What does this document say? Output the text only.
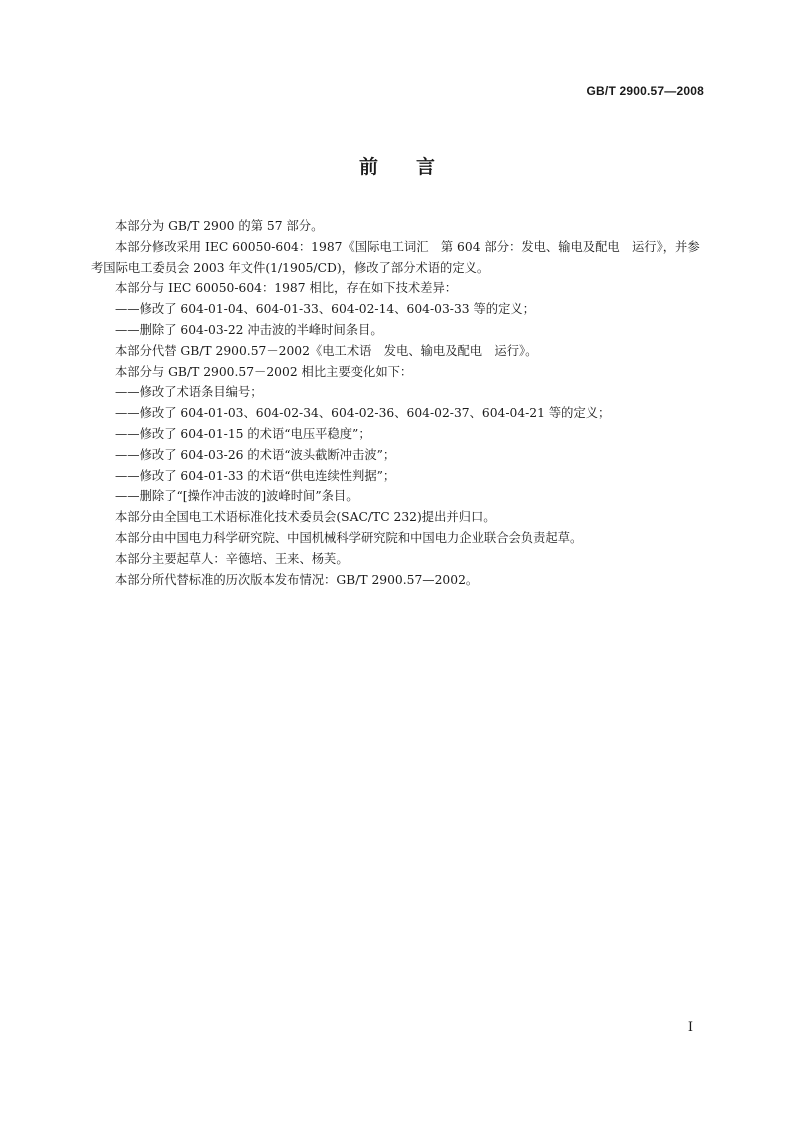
GB/T 2900.57—2008
前言

本部分为 GB/T 2900 的第 57 部分。

本部分修改采用 IEC 60050-604：1987《国际电工词汇　第 604 部分：发电、输电及配电　运行》，并参考国际电工委员会 2003 年文件(1/1905/CD)，修改了部分术语的定义。

本部分与 IEC 60050-604：1987 相比，存在如下技术差异：

——修改了 604-01-04、604-01-33、604-02-14、604-03-33 等的定义；

——删除了 604-03-22 冲击波的半峰时间条目。

本部分代替 GB/T 2900.57－2002《电工术语　发电、输电及配电　运行》。

本部分与 GB/T 2900.57－2002 相比主要变化如下：

——修改了术语条目编号；

——修改了 604-01-03、604-02-34、604-02-36、604-02-37、604-04-21 等的定义；

——修改了 604-01-15 的术语“电压平稳度”；

——修改了 604-03-26 的术语“波头截断冲击波”；

——修改了 604-01-33 的术语“供电连续性判据”；

——删除了“[操作冲击波的]波峰时间”条目。

本部分由全国电工术语标准化技术委员会(SAC/TC 232)提出并归口。

本部分由中国电力科学研究院、中国机械科学研究院和中国电力企业联合会负责起草。

本部分主要起草人：辛德培、王来、杨芙。

本部分所代替标准的历次版本发布情况：GB/T 2900.57—2002。

I
